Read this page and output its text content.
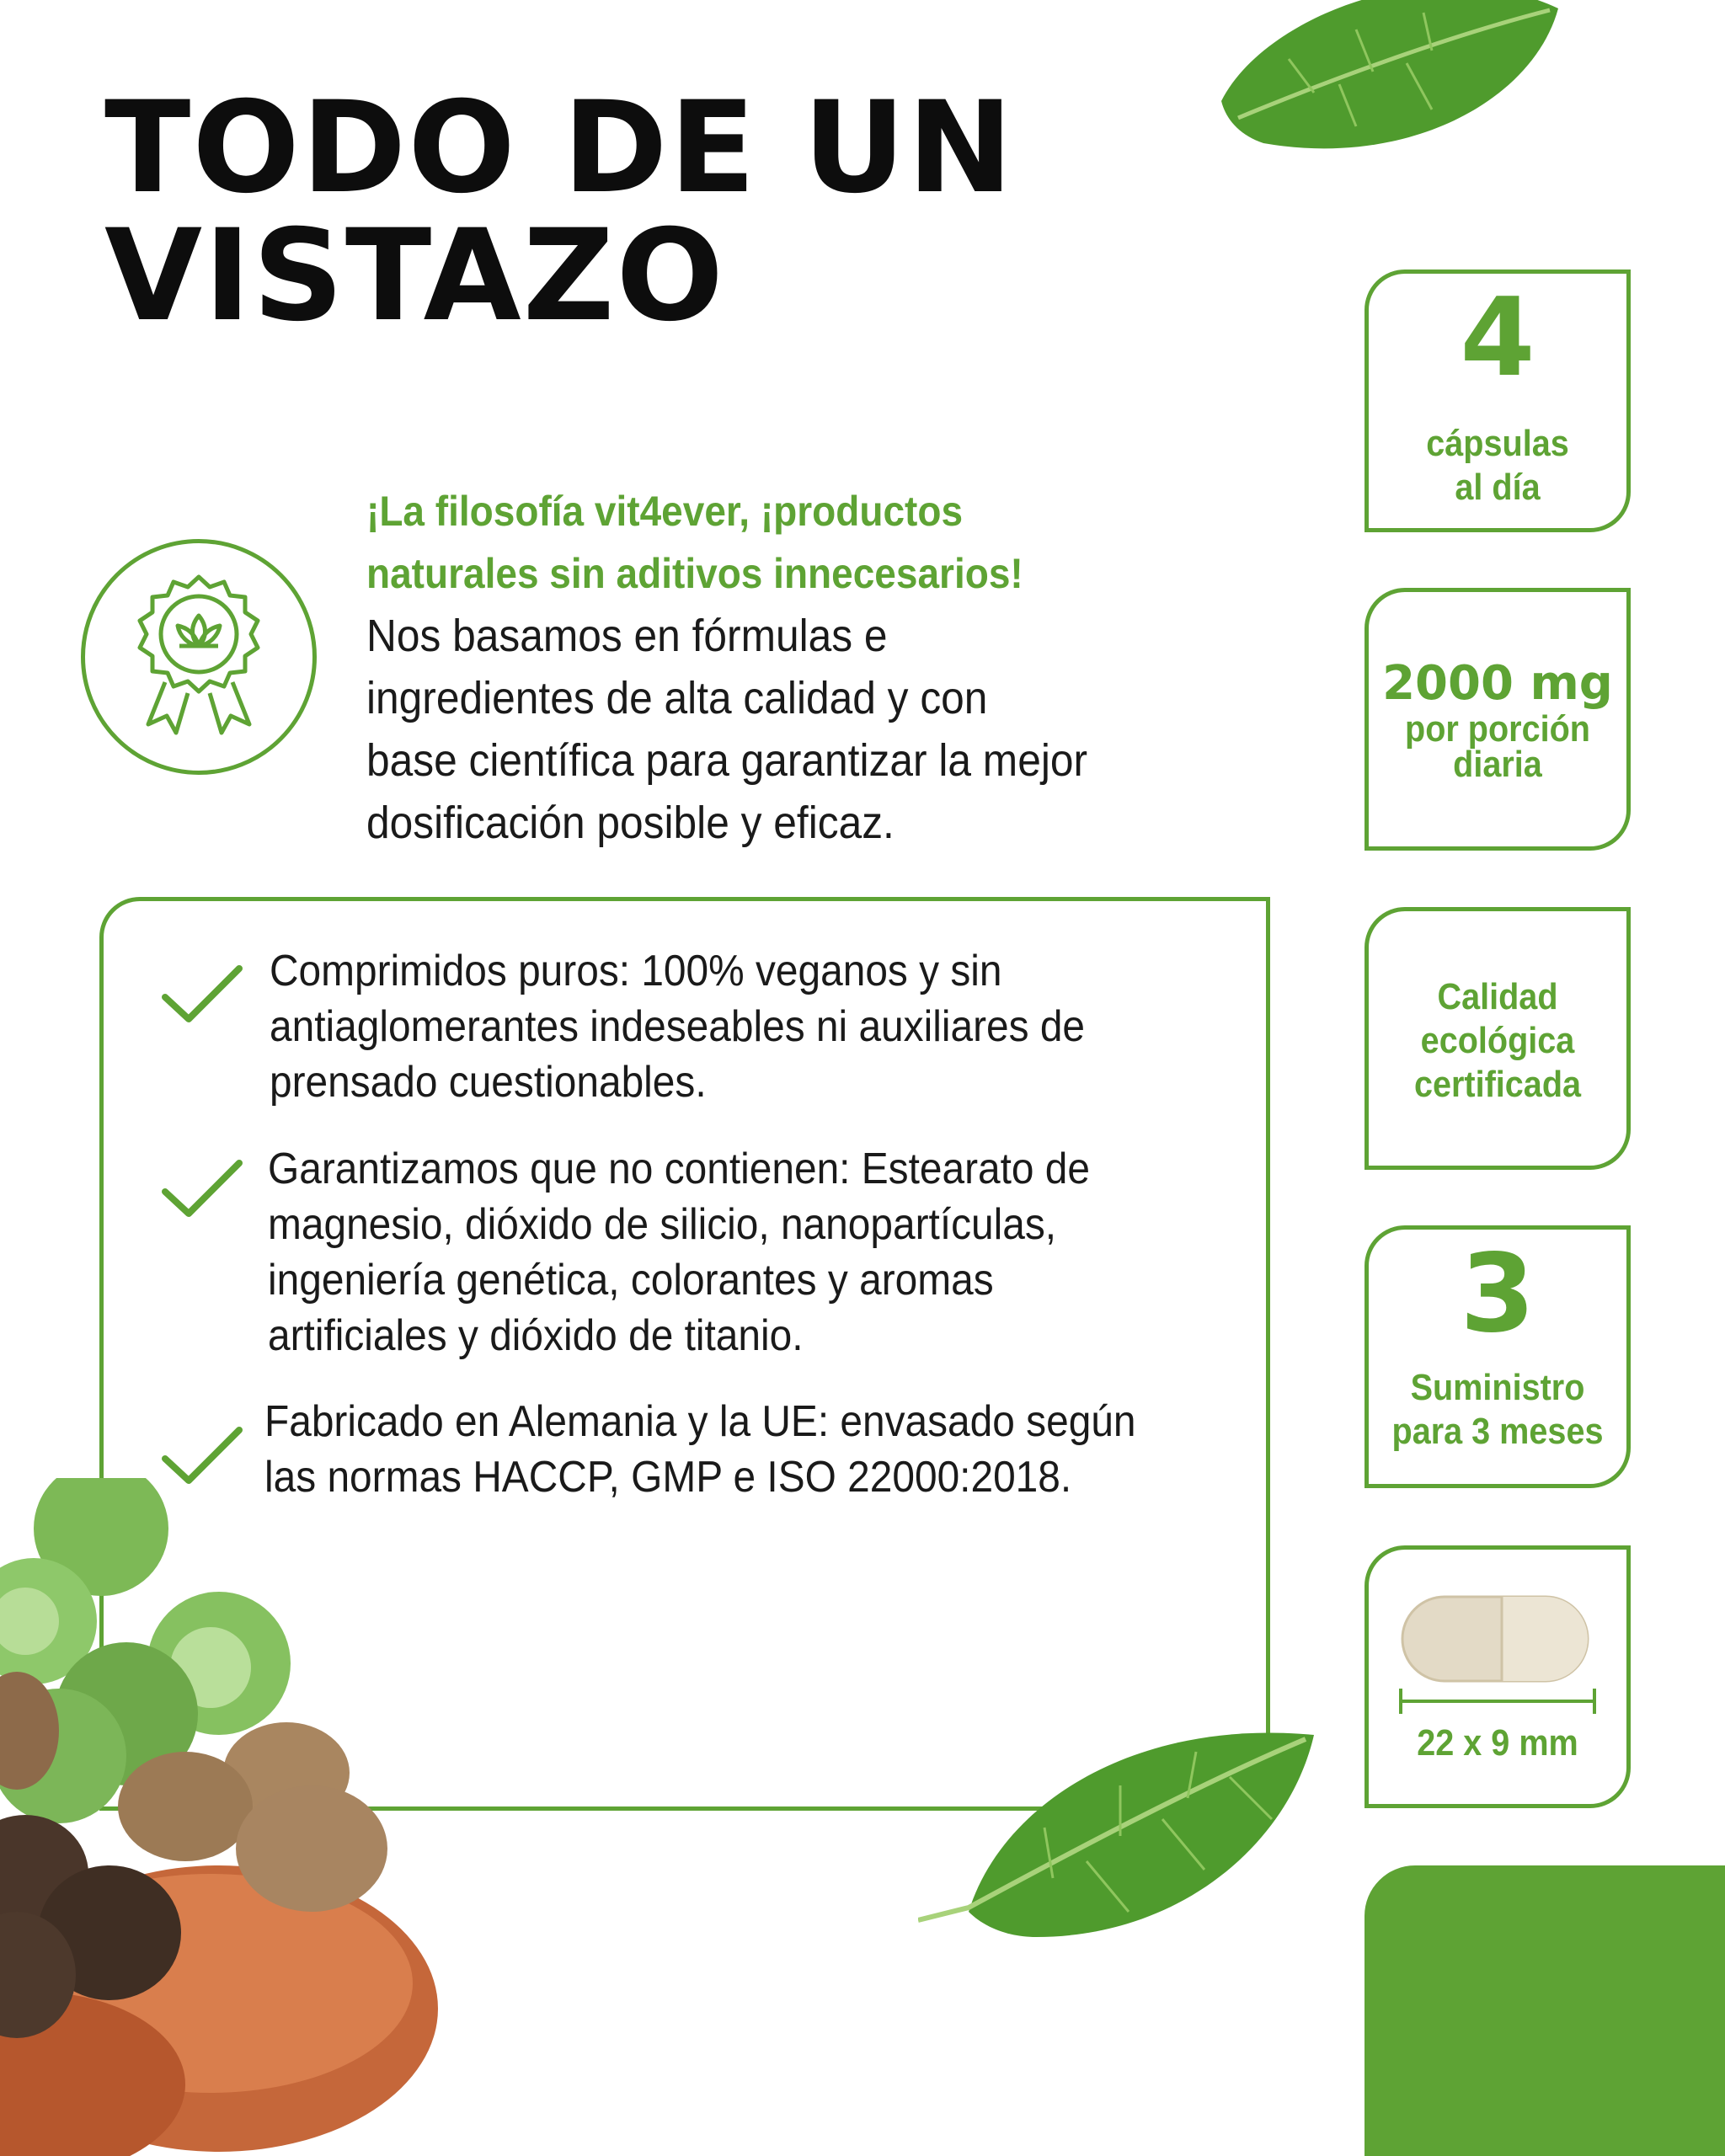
TODO DE UN
VISTAZO
¡La filosofía vit4ever, ¡productos
naturales sin aditivos innecesarios!
Nos basamos en fórmulas e
ingredientes de alta calidad y con
base científica para garantizar la mejor
dosificación posible y eficaz.
Comprimidos puros: 100% veganos y sin
antiaglomerantes indeseables ni auxiliares de
prensado cuestionables.
Garantizamos que no contienen: Estearato de
magnesio, dióxido de silicio, nanopartículas,
ingeniería genética, colorantes y aromas
artificiales y dióxido de titanio.
Fabricado en Alemania y la UE: envasado según
las normas HACCP, GMP e ISO 22000:2018.
4
cápsulas
al día
2000 mg
por porción
diaria
Calidad
ecológica
certificada
3
Suministro
para 3 meses
22 x 9 mm
